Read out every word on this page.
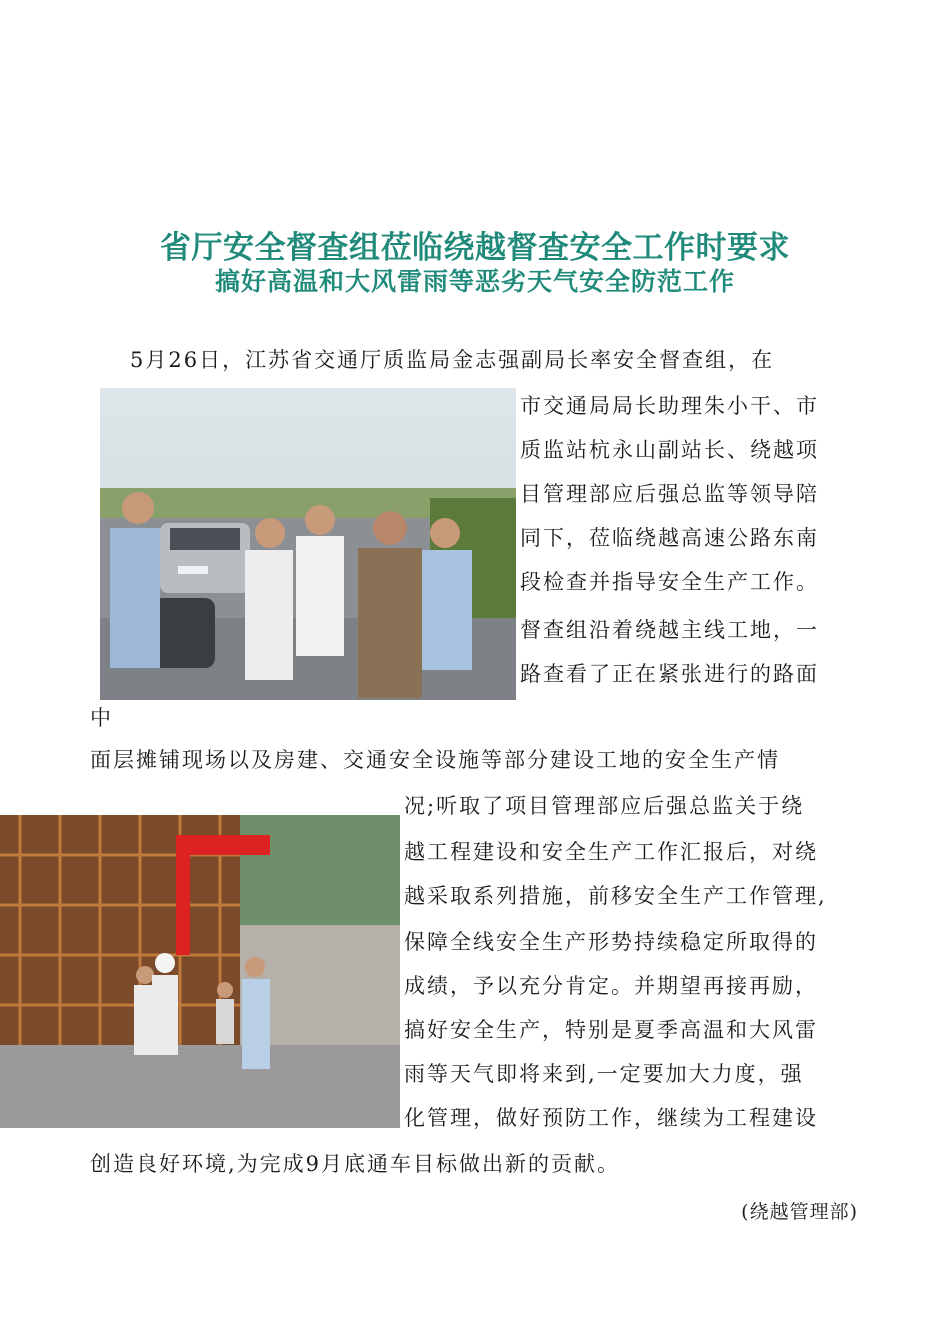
省厅安全督查组莅临绕越督查安全工作时要求
搞好高温和大风雷雨等恶劣天气安全防范工作
5月26日，江苏省交通厅质监局金志强副局长率安全督查组，在
市交通局局长助理朱小干、市
质监站杭永山副站长、绕越项
目管理部应后强总监等领导陪
同下，莅临绕越高速公路东南
段检查并指导安全生产工作。
督查组沿着绕越主线工地，一
路查看了正在紧张进行的路面
中
面层摊铺现场以及房建、交通安全设施等部分建设工地的安全生产情
况;听取了项目管理部应后强总监关于绕
越工程建设和安全生产工作汇报后，对绕
越采取系列措施，前移安全生产工作管理,
保障全线安全生产形势持续稳定所取得的
成绩，予以充分肯定。并期望再接再励，
搞好安全生产，特别是夏季高温和大风雷
雨等天气即将来到,一定要加大力度，强
化管理，做好预防工作，继续为工程建设
创造良好环境,为完成9月底通车目标做出新的贡献。
(绕越管理部)
